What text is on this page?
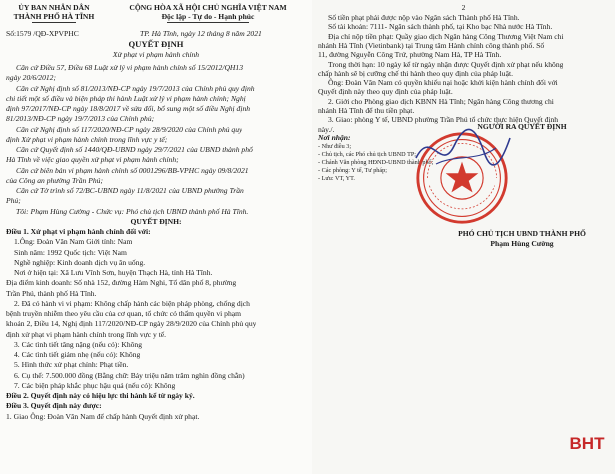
ỦY BAN NHÂN DÂN
THÀNH PHỐ HÀ TĨNH
CỘNG HÒA XÃ HỘI CHỦ NGHĨA VIỆT NAM
Độc lập - Tự do - Hạnh phúc
Số:1579 /QĐ-XPVPHC	TP. Hà Tĩnh, ngày 12 tháng 8 năm 2021
QUYẾT ĐỊNH
Xử phạt vi phạm hành chính
Căn cứ Điều 57, Điều 68 Luật xử lý vi phạm hành chính số 15/2012/QH13
ngày 20/6/2012;
Căn cứ Nghị định số 81/2013/NĐ-CP ngày 19/7/2013 của Chính phủ quy định
chi tiết một số điều và biện pháp thi hành Luật xử lý vi phạm hành chính; Nghị
định 97/2017/NĐ-CP ngày 18/8/2017 về sửa đổi, bổ sung một số điều Nghị định
81/2013/NĐ-CP ngày 19/7/2013 của Chính phủ;
Căn cứ Nghị định số 117/2020/NĐ-CP ngày 28/9/2020 của Chính phủ quy
định Xử phạt vi phạm hành chính trong lĩnh vực y tế;
Căn cứ Quyết định số 1440/QĐ-UBND ngày 29/7/2021 của UBND thành phố
Hà Tĩnh về việc giao quyền xử phạt vi phạm hành chính;
Căn cứ biên bản vi phạm hành chính số 0001296/BB-VPHC ngày 09/8/2021
của Công an phường Trần Phú;
Căn cứ Tờ trình số 72/BC-UBND ngày 11/8/2021 của UBND phường Trần
Phú;
Tôi: Phạm Hùng Cường - Chức vụ: Phó chủ tịch UBND thành phố Hà Tĩnh.
QUYẾT ĐỊNH:
Điều 1. Xử phạt vi phạm hành chính đối với:
1.Ông: Đoàn Văn Nam Giới tính: Nam
Sinh năm: 1992 Quốc tịch: Việt Nam
Nghề nghiệp: Kinh doanh dịch vụ ăn uống.
Nơi ở hiện tại: Xã Lưu Vĩnh Sơn, huyện Thạch Hà, tỉnh Hà Tĩnh.
Địa điểm kinh doanh: Số nhà 152, đường Hàm Nghi, Tổ dân phố 8, phường
Trần Phú, thành phố Hà Tĩnh.
2. Đã có hành vi vi phạm: Không chấp hành các biện pháp phòng, chống dịch
bệnh truyền nhiễm theo yêu cầu của cơ quan, tổ chức có thẩm quyền vi phạm
khoản 2, Điều 14, Nghị định 117/2020/NĐ-CP ngày 28/9/2020 của Chính phủ quy
định xử phạt vi phạm hành chính trong lĩnh vực y tế.
3. Các tình tiết tăng nặng (nếu có): Không
4. Các tình tiết giảm nhẹ (nếu có): Không
5. Hình thức xử phạt chính: Phạt tiền.
6. Cụ thể: 7.500.000 đồng (Bằng chữ: Bảy triệu năm trăm nghìn đồng chẵn)
7. Các biện pháp khắc phục hậu quả (nếu có): Không
Điều 2. Quyết định này có hiệu lực thi hành kể từ ngày ký.
Điều 3. Quyết định này được:
1. Giao Ông: Đoàn Văn Nam để chấp hành Quyết định xử phạt.
2
Số tiền phạt phải được nộp vào Ngân sách Thành phố Hà Tĩnh.
Số tài khoản: 7111- Ngân sách thành phố, tại Kho bạc Nhà nước Hà Tĩnh.
Địa chỉ nộp tiền phạt: Quầy giao dịch Ngân hàng Công Thương Việt Nam chi
nhánh Hà Tĩnh (Vietinbank) tại Trung tâm Hành chính công thành phố. Số
11, đường Nguyễn Công Trứ, phường Nam Hà, TP Hà Tĩnh.
Trong thời hạn: 10 ngày kể từ ngày nhận được Quyết định xử phạt nếu không
chấp hành sẽ bị cưỡng chế thi hành theo quy định của pháp luật.
Ông: Đoàn Văn Nam có quyền khiếu nại hoặc khởi kiện hành chính đối với
Quyết định này theo quy định của pháp luật.
2. Giới cho Phòng giao dịch KBNN Hà Tĩnh; Ngân hàng Công thương chi
nhánh Hà Tĩnh để thu tiền phạt.
3. Giao: phòng Y tế, UBND phường Trần Phú tổ chức thực hiện Quyết định
này./.
Nơi nhận:
- Như điều 3;
- Chủ tịch, các Phó chủ tịch UBND TP;
- Chánh Văn phòng HĐND-UBND thành phố;
- Các phòng: Y tế, Tư pháp;
- Lưu: VT, YT.
NGƯỜI RA QUYẾT ĐỊNH
PHÓ CHỦ TỊCH UBND THÀNH PHỐ
Phạm Hùng Cường
BHT
